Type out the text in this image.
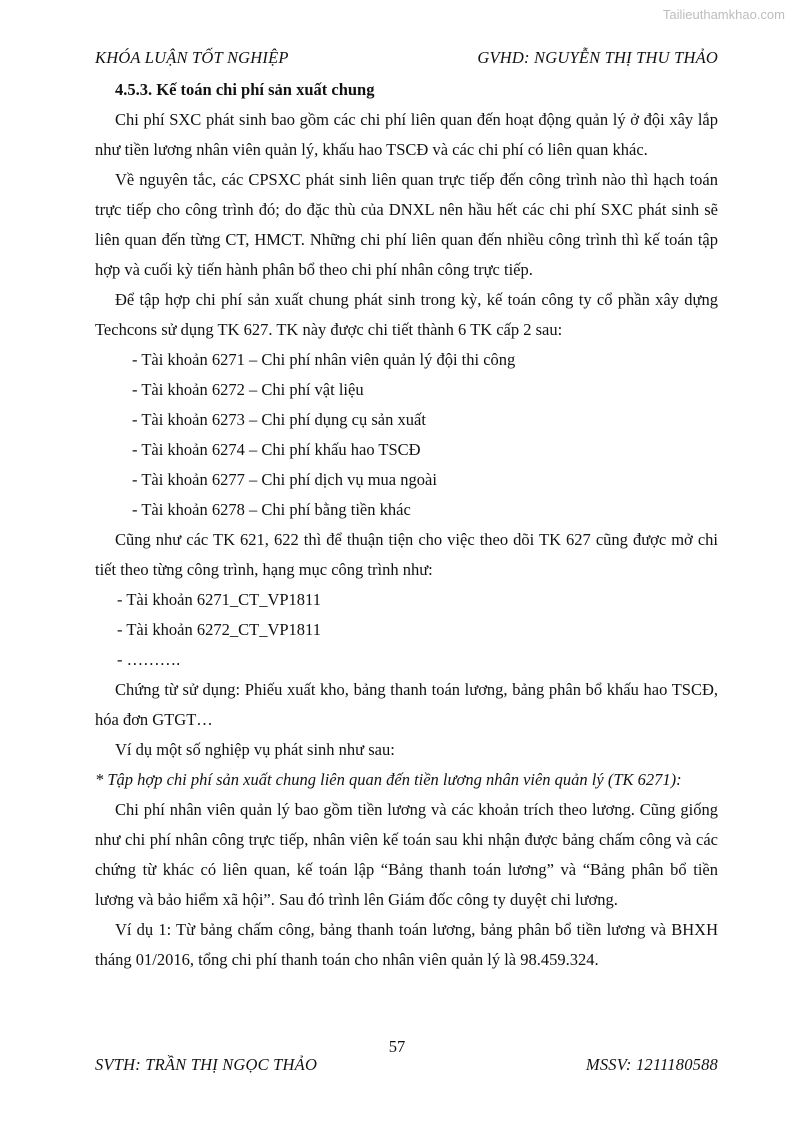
Tailieuthamkhao.com
KHÓA LUẬN TỐT NGHIỆP	GVHD: NGUYỄN THỊ THU THẢO

4.5.3. Kế toán chi phí sản xuất chung

Chi phí SXC phát sinh bao gồm các chi phí liên quan đến hoạt động quản lý ở đội xây lắp như tiền lương nhân viên quản lý, khấu hao TSCĐ và các chi phí có liên quan khác.

Về nguyên tắc, các CPSXC phát sinh liên quan trực tiếp đến công trình nào thì hạch toán trực tiếp cho công trình đó; do đặc thù của DNXL nên hầu hết các chi phí SXC phát sinh sẽ liên quan đến từng CT, HMCT. Những chi phí liên quan đến nhiều công trình thì kế toán tập hợp và cuối kỳ tiến hành phân bổ theo chi phí nhân công trực tiếp.

Để tập hợp chi phí sản xuất chung phát sinh trong kỳ, kế toán công ty cổ phần xây dựng Techcons sử dụng TK 627. TK này được chi tiết thành 6 TK cấp 2 sau:

- Tài khoản 6271 – Chi phí nhân viên quản lý đội thi công

- Tài khoản 6272 – Chi phí vật liệu

- Tài khoản 6273 – Chi phí dụng cụ sản xuất

- Tài khoản 6274 – Chi phí khấu hao TSCĐ

- Tài khoản 6277 – Chi phí dịch vụ mua ngoài

- Tài khoản 6278 – Chi phí bằng tiền khác

Cũng như các TK 621, 622 thì để thuận tiện cho việc theo dõi TK 627 cũng được mở chi tiết theo từng công trình, hạng mục công trình như:

- Tài khoản 6271_CT_VP1811

- Tài khoản 6272_CT_VP1811

- ……….

Chứng từ sử dụng: Phiếu xuất kho, bảng thanh toán lương, bảng phân bổ khấu hao TSCĐ, hóa đơn GTGT…

Ví dụ một số nghiệp vụ phát sinh như sau:

* Tập hợp chi phí sản xuất chung liên quan đến tiền lương nhân viên quản lý (TK 6271):

Chi phí nhân viên quản lý bao gồm tiền lương và các khoản trích theo lương. Cũng giống như chi phí nhân công trực tiếp, nhân viên kế toán sau khi nhận được bảng chấm công và các chứng từ khác có liên quan, kế toán lập “Bảng thanh toán lương” và “Bảng phân bổ tiền lương và bảo hiểm xã hội”. Sau đó trình lên Giám đốc công ty duyệt chi lương.

Ví dụ 1: Từ bảng chấm công, bảng thanh toán lương, bảng phân bổ tiền lương và BHXH tháng 01/2016, tổng chi phí thanh toán cho nhân viên quản lý là 98.459.324.

57
SVTH: TRẦN THỊ NGỌC THẢO	MSSV: 1211180588
